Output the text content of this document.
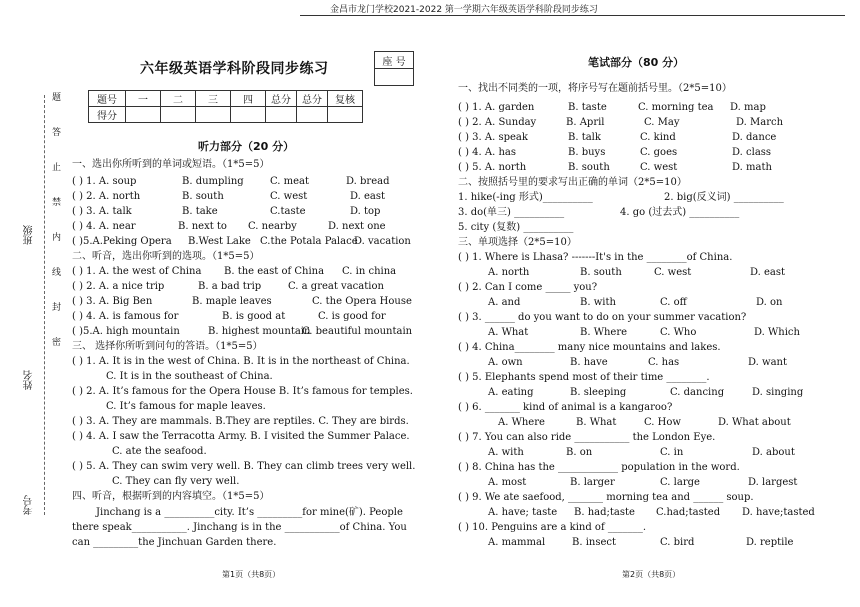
金昌市龙门学校2021-2022 第一学期六年级英语学科阶段同步练习
题
答
止
禁
内
线
封
密
班级
姓名
考号
六年级英语学科阶段同步练习	座 号

题号	一	二	三	四	总分	总分	复核
得分							
听力部分（20 分）
一、选出你所听到的单词或短语。（1*5=5）
( ) 1. A. soup	B. dumpling	C. meat	D. bread
( ) 2. A. north	B. south	C. west	D. east
( ) 3. A. talk	B. take	C.taste	D. top
( ) 4. A. near	B. next to C. nearby	D. next one
( )5.A.Peking Opera B.West Lake C.the Potala Palace
D. vacation
二、听音，选出你听到的选项。（1*5=5）
( ) 1. A. the west of China B. the east of China C. in china
( ) 2. A. a nice trip	B. a bad trip	C. a great vacation
( ) 3. A. Big Ben	B. maple leaves	C. the Opera House
( ) 4. A. is famous for	B. is good at	C. is good for
( )5.A. high mountain	B. highest mountain
C. beautiful mountain
三、 选择你所听到问句的答语。（1*5=5）
( ) 1. A. It is in the west of China. B. It is in the northeast of China.
C. It is in the southeast of China.
( ) 2. A. It’s famous for the Opera House B. It’s famous for temples.
C. It’s famous for maple leaves.
( ) 3. A. They are mammals. B.They are reptiles. C. They are birds.
( ) 4. A. I saw the Terracotta Army. B. I visited the Summer Palace.
C. ate the seafood.
( ) 5. A. They can swim very well. B. They can climb trees very well.
C. They can fly very well.
四、听音，根据听到的内容填空。（1*5=5）
Jinchang is a __________city. It’s _________for mine(矿). People
there speak___________. Jinchang is in the ___________of China. You
can _________the Jinchuan Garden there.
第1页（共8页）
笔试部分（80 分）
一、找出不同类的一项，将序号写在题前括号里。（2*5=10）
( ) 1. A. garden	B. taste	C. morning tea D. map
( ) 2. A. Sunday	B. April	C. May	D. March
( ) 3. A. speak	B. talk	C. kind	D. dance
( ) 4. A. has	B. buys	C. goes	D. class
( ) 5. A. north	B. south	C. west	D. math
二、按照括号里的要求写出正确的单词（2*5=10）
1. hike(-ing 形式)__________	2. big(反义词) __________
3. do(单三) __________	4. go (过去式) __________
5. city (复数) __________
三、单项选择（2*5=10）
( ) 1. Where is Lhasa? -------It's in the ________of China.
A. north	B. south	C. west	D. east
( ) 2. Can I come _____ you?
A. and	B. with	C. off	D. on
( ) 3. ______ do you want to do on your summer vacation?
A. What	B. Where	C. Who	D. Which
( ) 4. China________ many nice mountains and lakes.
A. own	B. have	C. has	D. want
( ) 5. Elephants spend most of their time ________.
A. eating	B. sleeping	C. dancing	D. singing
( ) 6. _______ kind of animal is a kangaroo?
A. Where	B. What	C. How	D. What about
( ) 7. You can also ride ___________ the London Eye.
A. with	B. on	C. in	D. about
( ) 8. China has the ____________ population in the word.
A. most	B. larger	C. large	D. largest
( ) 9. We ate saefood, _______ morning tea and ______ soup.
A. have; taste B. had;taste C.had;tasted D. have;tasted
( ) 10. Penguins are a kind of _______.
A. mammal	B. insect	C. bird	D. reptile
第2页（共8页）
